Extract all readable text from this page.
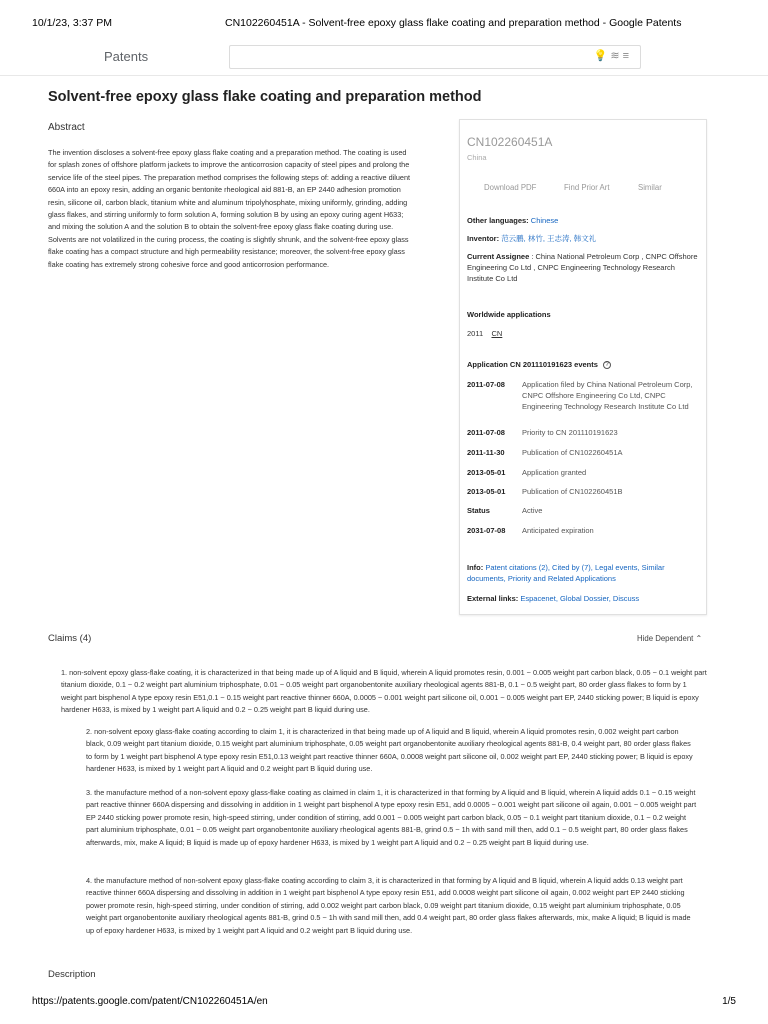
10/1/23, 3:37 PM	CN102260451A - Solvent-free epoxy glass flake coating and preparation method - Google Patents
Patents	💡≋≡
Solvent-free epoxy glass flake coating and preparation method
Abstract

The invention discloses a solvent-free epoxy glass flake coating and a preparation method. The coating is used for splash zones of offshore platform jackets to improve the anticorrosion capacity of steel pipes and prolong the service life of the steel pipes. The preparation method comprises the following steps of: adding a reactive diluent 660A into an epoxy resin, adding an organic bentonite rheological aid 881-B, an EP 2440 adhesion promotion resin, silicone oil, carbon black, titanium white and aluminum tripolyhosphate, mixing uniformly, grinding, adding glass flakes, and stirring uniformly to form solution A, forming solution B by using an epoxy curing agent H633; and mixing the solution A and the solution B to obtain the solvent-free epoxy glass flake coating during use. Solvents are not volatilized in the curing process, the coating is slightly shrunk, and the solvent-free epoxy glass flake coating has a compact structure and high permeability resistance; moreover, the solvent-free epoxy glass flake coating has extremely strong cohesive force and good anticorrosion performance.

CN102260451A
China
Download PDF	Find Prior Art	Similar
Other languages: Chinese
Inventor: 范云鹏, 林竹, 王志涛, 韩文礼
Current Assignee : China National Petroleum Corp , CNPC Offshore Engineering Co Ltd , CNPC Engineering Technology Research Institute Co Ltd
Worldwide applications
2011 CN
Application CN 201110191623 events ?
2011-07-08 Application filed by China National Petroleum Corp, CNPC Offshore Engineering Co Ltd, CNPC Engineering Technology Research Institute Co Ltd
2011-07-08 Priority to CN 201110191623
2011-11-30 Publication of CN102260451A
2013-05-01 Application granted
2013-05-01 Publication of CN102260451B
Status	Active
2031-07-08 Anticipated expiration
Info: Patent citations (2), Cited by (7), Legal events, Similar documents, Priority and Related Applications
External links: Espacenet, Global Dossier, Discuss
Claims (4)	Hide Dependent ⌃

1. non-solvent epoxy glass-flake coating, it is characterized in that being made up of A liquid and B liquid, wherein A liquid promotes resin, 0.001 ~ 0.005 weight part carbon black, 0.05 ~ 0.1 weight part titanium dioxide, 0.1 ~ 0.2 weight part aluminium triphosphate, 0.01 ~ 0.05 weight part organobentonite auxiliary rheological agents 881-B, 0.1 ~ 0.5 weight part, 80 order glass flakes to form by 1 weight part bisphenol A type epoxy resin E51,0.1 ~ 0.15 weight part reactive thinner 660A, 0.0005 ~ 0.001 weight part silicone oil, 0.001 ~ 0.005 weight part EP, 2440 sticking power; B liquid is epoxy hardener H633, is mixed by 1 weight part A liquid and 0.2 ~ 0.25 weight part B liquid during use.

2. non-solvent epoxy glass-flake coating according to claim 1, it is characterized in that being made up of A liquid and B liquid, wherein A liquid promotes resin, 0.002 weight part carbon black, 0.09 weight part titanium dioxide, 0.15 weight part aluminium triphosphate, 0.05 weight part organobentonite auxiliary rheological agents 881-B, 0.4 weight part, 80 order glass flakes to form by 1 weight part bisphenol A type epoxy resin E51,0.13 weight part reactive thinner 660A, 0.0008 weight part silicone oil, 0.002 weight part EP, 2440 sticking power; B liquid is epoxy hardener H633, is mixed by 1 weight part A liquid and 0.2 weight part B liquid during use.

3. the manufacture method of a non-solvent epoxy glass-flake coating as claimed in claim 1, it is characterized in that forming by A liquid and B liquid, wherein A liquid adds 0.1 ~ 0.15 weight part reactive thinner 660A dispersing and dissolving in addition in 1 weight part bisphenol A type epoxy resin E51, add 0.0005 ~ 0.001 weight part silicone oil again, 0.001 ~ 0.005 weight part EP 2440 sticking power promote resin, high-speed stirring, under condition of stirring, add 0.001 ~ 0.005 weight part carbon black, 0.05 ~ 0.1 weight part titanium dioxide, 0.1 ~ 0.2 weight part aluminium triphosphate, 0.01 ~ 0.05 weight part organobentonite auxiliary rheological agents 881-B, grind 0.5 ~ 1h with sand mill then, add 0.1 ~ 0.5 weight part, 80 order glass flakes afterwards, mix, make A liquid; B liquid is made up of epoxy hardener H633, is mixed by 1 weight part A liquid and 0.2 ~ 0.25 weight part B liquid during use.

4. the manufacture method of non-solvent epoxy glass-flake coating according to claim 3, it is characterized in that forming by A liquid and B liquid, wherein A liquid adds 0.13 weight part reactive thinner 660A dispersing and dissolving in addition in 1 weight part bisphenol A type epoxy resin E51, add 0.0008 weight part silicone oil again, 0.002 weight part EP 2440 sticking power promote resin, high-speed stirring, under condition of stirring, add 0.002 weight part carbon black, 0.09 weight part titanium dioxide, 0.15 weight part aluminium triphosphate, 0.05 weight part organobentonite auxiliary rheological agents 881-B, grind 0.5 ~ 1h with sand mill then, add 0.4 weight part, 80 order glass flakes afterwards, mix, make A liquid; B liquid is made up of epoxy hardener H633, is mixed by 1 weight part A liquid and 0.2 weight part B liquid during use.

Description
https://patents.google.com/patent/CN102260451A/en	1/5
